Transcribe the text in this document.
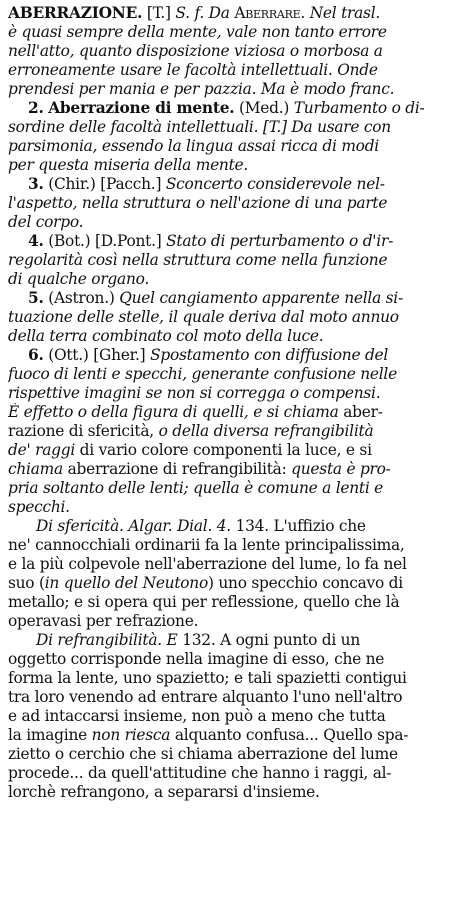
ABERRAZIONE. [T.] S. f. Da Aberrare. Nel trasl.
è quasi sempre della mente, vale non tanto errore
nell'atto, quanto disposizione viziosa o morbosa a
erroneamente usare le facoltà intellettuali. Onde
prendesi per mania e per pazzia. Ma è modo franc.
2. Aberrazione di mente. (Med.) Turbamento o di-
sordine delle facoltà intellettuali. [T.] Da usare con
parsimonia, essendo la lingua assai ricca di modi
per questa miseria della mente.
3. (Chir.) [Pacch.] Sconcerto considerevole nel-
l'aspetto, nella struttura o nell'azione di una parte
del corpo.
4. (Bot.) [D.Pont.] Stato di perturbamento o d'ir-
regolarità così nella struttura come nella funzione
di qualche organo.
5. (Astron.) Quel cangiamento apparente nella si-
tuazione delle stelle, il quale deriva dal moto annuo
della terra combinato col moto della luce.
6. (Ott.) [Gher.] Spostamento con diffusione del
fuoco di lenti e specchi, generante confusione nelle
rispettive imagini se non si corregga o compensi.
È effetto o della figura di quelli, e si chiama aber-
razione di sfericità, o della diversa refrangibilità
de' raggi di vario colore componenti la luce, e si
chiama aberrazione di refrangibilità: questa è pro-
pria soltanto delle lenti; quella è comune a lenti e
specchi.
Di sfericità. Algar. Dial. 4. 134. L'uffizio che
ne' cannocchiali ordinarii fa la lente principalissima,
e la più colpevole nell'aberrazione del lume, lo fa nel
suo (in quello del Neutono) uno specchio concavo di
metallo; e si opera qui per reflessione, quello che là
operavasi per refrazione.
Di refrangibilità. E 132. A ogni punto di un
oggetto corrisponde nella imagine di esso, che ne
forma la lente, uno spazietto; e tali spazietti contigui
tra loro venendo ad entrare alquanto l'uno nell'altro
e ad intaccarsi insieme, non può a meno che tutta
la imagine non riesca alquanto confusa... Quello spa-
zietto o cerchio che si chiama aberrazione del lume
procede... da quell'attitudine che hanno i raggi, al-
lorchè refrangono, a separarsi d'insieme.
